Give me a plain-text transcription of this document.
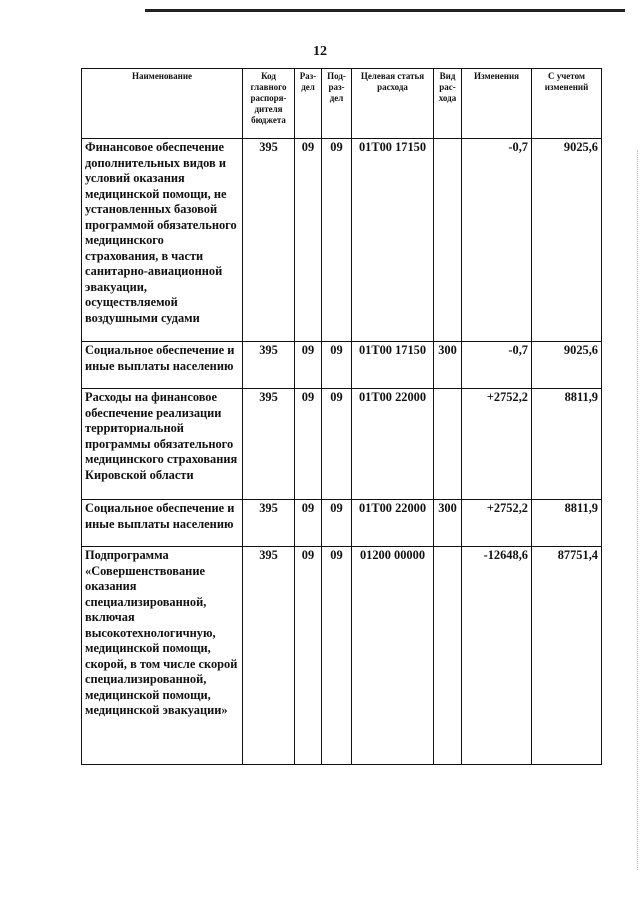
12
Наименование	Код главного распоря-дителя бюджета	Раз-дел	Под-раз-дел	Целевая статья расхода	Вид рас-хода	Изменения	С учетом изменений
Финансовое обеспечение дополнительных видов и условий оказания медицинской помощи, не установленных базовой программой обязательного медицинского страхования, в части санитарно-авиационной эвакуации, осуществляемой воздушными судами	395	09	09	01Т00 17150		-0,7	9025,6
Социальное обеспечение и иные выплаты населению	395	09	09	01Т00 17150	300	-0,7	9025,6
Расходы на финансовое обеспечение реализации территориальной программы обязательного медицинского страхования Кировской области	395	09	09	01Т00 22000		+2752,2	8811,9
Социальное обеспечение и иные выплаты населению	395	09	09	01Т00 22000	300	+2752,2	8811,9
Подпрограмма «Совершенствование оказания специализированной, включая высокотехнологичную, медицинской помощи, скорой, в том числе скорой специализированной, медицинской помощи, медицинской эвакуации»	395	09	09	01200 00000		-12648,6	87751,4
